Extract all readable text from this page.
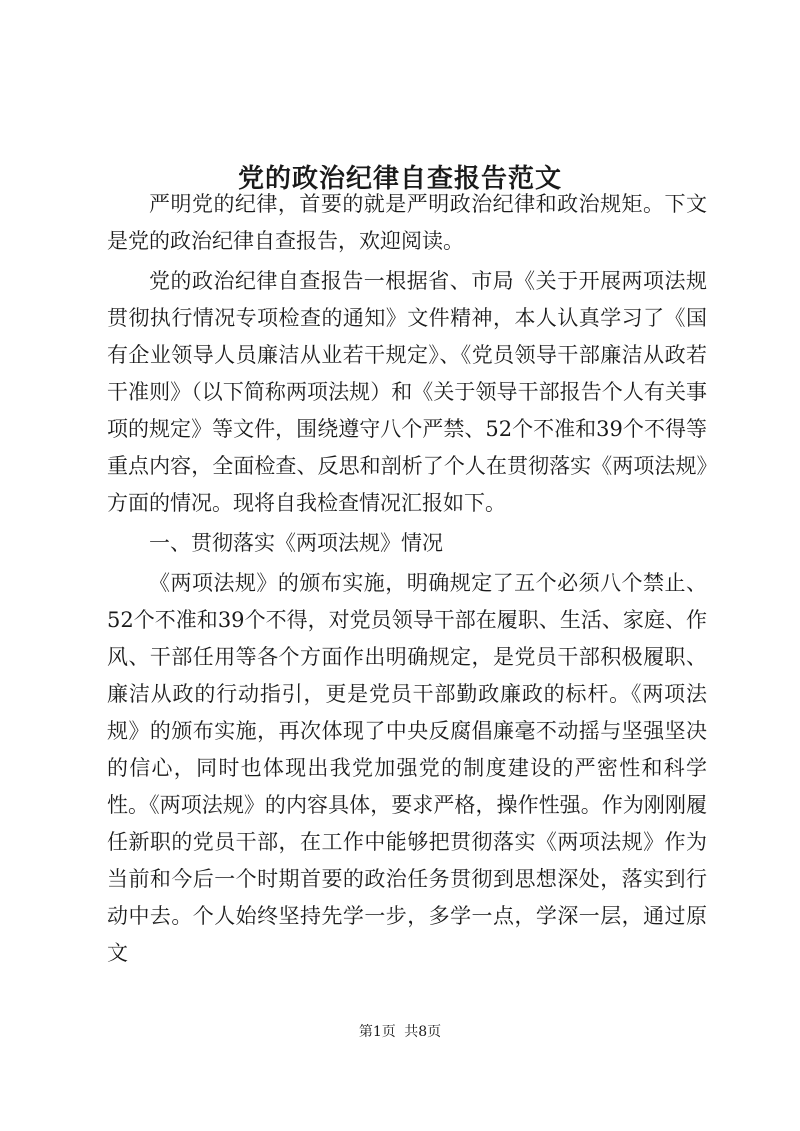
党的政治纪律自查报告范文

严明党的纪律，首要的就是严明政治纪律和政治规矩。下文是党的政治纪律自查报告，欢迎阅读。

党的政治纪律自查报告一根据省、市局《关于开展两项法规贯彻执行情况专项检查的通知》文件精神，本人认真学习了《国有企业领导人员廉洁从业若干规定》、《党员领导干部廉洁从政若干准则》（以下简称两项法规）和《关于领导干部报告个人有关事项的规定》等文件，围绕遵守八个严禁、52个不准和39个不得等重点内容，全面检查、反思和剖析了个人在贯彻落实《两项法规》方面的情况。现将自我检查情况汇报如下。

一、贯彻落实《两项法规》情况

《两项法规》的颁布实施，明确规定了五个必须八个禁止、52个不准和39个不得，对党员领导干部在履职、生活、家庭、作风、干部任用等各个方面作出明确规定，是党员干部积极履职、廉洁从政的行动指引，更是党员干部勤政廉政的标杆。《两项法规》的颁布实施，再次体现了中央反腐倡廉毫不动摇与坚强坚决的信心，同时也体现出我党加强党的制度建设的严密性和科学性。《两项法规》的内容具体，要求严格，操作性强。作为刚刚履任新职的党员干部，在工作中能够把贯彻落实《两项法规》作为当前和今后一个时期首要的政治任务贯彻到思想深处，落实到行动中去。个人始终坚持先学一步，多学一点，学深一层，通过原文

第1页 共8页
